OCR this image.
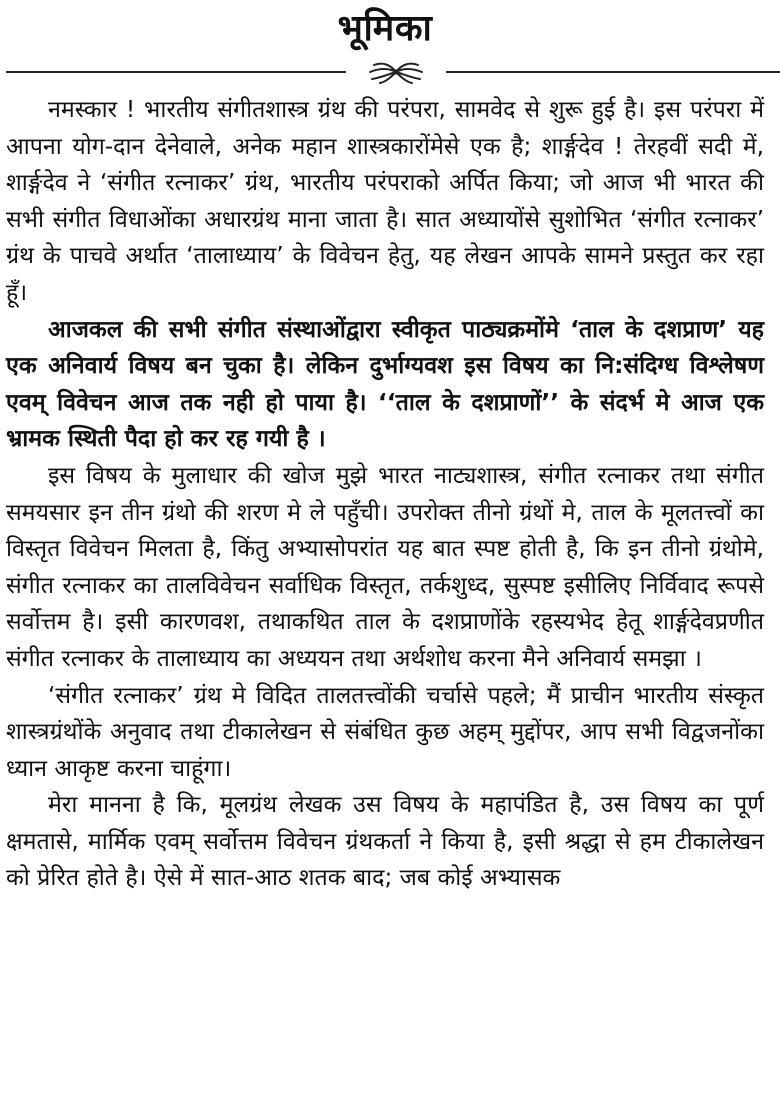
भूमिका

नमस्कार ! भारतीय संगीतशास्त्र ग्रंथ की परंपरा, सामवेद से शुरू हुई है। इस परंपरा में आपना योग-दान देनेवाले, अनेक महान शास्त्रकारोंमेसे एक है; शार्ङ्गदेव ! तेरहवीं सदी में, शार्ङ्गदेव ने ‘संगीत रत्नाकर’ ग्रंथ, भारतीय परंपराको अर्पित किया; जो आज भी भारत की सभी संगीत विधाओंका अधारग्रंथ माना जाता है। सात अध्यायोंसे सुशोभित ‘संगीत रत्नाकर’ ग्रंथ के पाचवे अर्थात ‘तालाध्याय’ के विवेचन हेतु, यह लेखन आपके सामने प्रस्तुत कर रहा हूँ।

आजकल की सभी संगीत संस्थाओंद्वारा स्वीकृत पाठ्यक्रमोंमे ‘ताल के दशप्राण’ यह एक अनिवार्य विषय बन चुका है। लेकिन दुर्भाग्यवश इस विषय का नि:संदिग्ध विश्लेषण एवम् विवेचन आज तक नही हो पाया है। ‘‘ताल के दशप्राणों’’ के संदर्भ मे आज एक भ्रामक स्थिती पैदा हो कर रह गयी है ।

इस विषय के मुलाधार की खोज मुझे भारत नाट्यशास्त्र, संगीत रत्नाकर तथा संगीत समयसार इन तीन ग्रंथो की शरण मे ले पहुँची। उपरोक्त तीनो ग्रंथों मे, ताल के मूलतत्त्वों का विस्तृत विवेचन मिलता है, किंतु अभ्यासोपरांत यह बात स्पष्ट होती है, कि इन तीनो ग्रंथोमे, संगीत रत्नाकर का तालविवेचन सर्वाधिक विस्तृत, तर्कशुध्द, सुस्पष्ट इसीलिए निर्विवाद रूपसे सर्वोत्तम है। इसी कारणवश, तथाकथित ताल के दशप्राणोंके रहस्यभेद हेतू शार्ङ्गदेवप्रणीत संगीत रत्नाकर के तालाध्याय का अध्ययन तथा अर्थशोध करना मैने अनिवार्य समझा ।

‘संगीत रत्नाकर’ ग्रंथ मे विदित तालतत्त्वोंकी चर्चासे पहले; मैं प्राचीन भारतीय संस्कृत शास्त्रग्रंथोंके अनुवाद तथा टीकालेखन से संबंधित कुछ अहम् मुद्दोंपर, आप सभी विद्वजनोंका ध्यान आकृष्ट करना चाहूंगा।

मेरा मानना है कि, मूलग्रंथ लेखक उस विषय के महापंडित है, उस विषय का पूर्ण क्षमतासे, मार्मिक एवम् सर्वोत्तम विवेचन ग्रंथकर्ता ने किया है, इसी श्रद्धा से हम टीकालेखन को प्रेरित होते है। ऐसे में सात-आठ शतक बाद; जब कोई अभ्यासक
